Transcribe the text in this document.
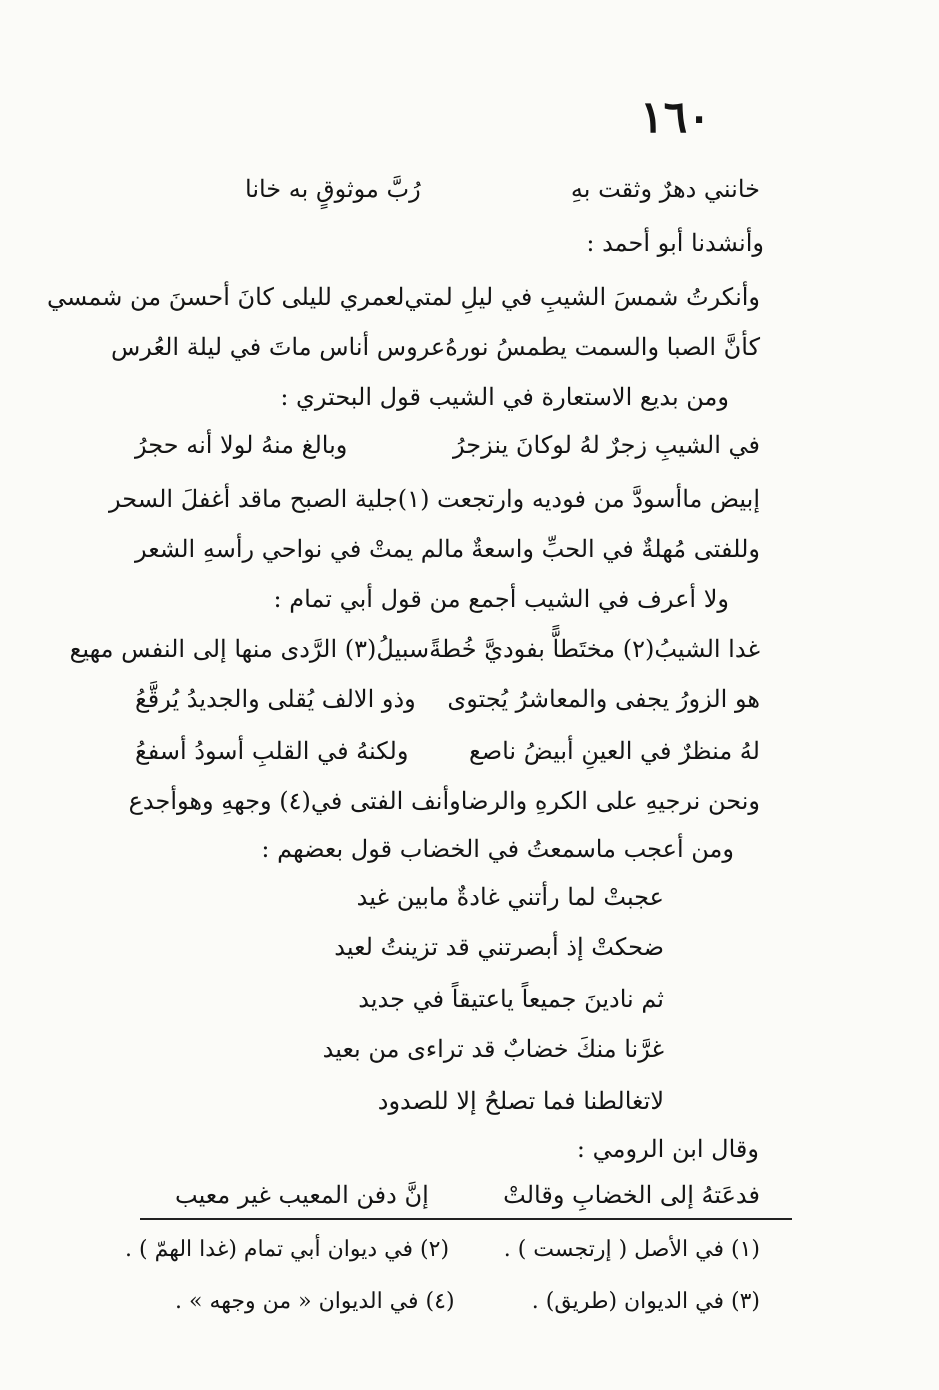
١٦٠
خانني دهرٌ وثقت بهِ
رُبَّ موثوقٍ به خانا
وأنشدنا أبو أحمد :
وأنكرتُ شمسَ الشيبِ في ليلِ لمتي
لعمري لليلى كانَ أحسنَ من شمسي
كأنَّ الصبا والسمت يطمسُ نورهُ
عروس أناس ماتَ في ليلة العُرس
ومن بديع الاستعارة في الشيب قول البحتري :
في الشيبِ زجرٌ لهُ لوكانَ ينزجرُ
وبالغ منهُ لولا أنه حجرُ
إبيض ماأسودَّ من فوديه وارتجعت (١)
جلية الصبح ماقد أغفلَ السحر
وللفتى مُهلةٌ في الحبِّ واسعةٌ
مالم يمتْ في نواحي رأسهِ الشعر
ولا أعرف في الشيب أجمع من قول أبي تمام :
غدا الشيبُ(٢) مختَطاًّ بفوديَّ خُطةً
سبيلُ(٣) الرَّدى منها إلى النفس مهيع
هو الزورُ يجفى والمعاشرُ يُجتوى
وذو الالف يُقلى والجديدُ يُرقَّعُ
لهُ منظرٌ في العينِ أبيضُ ناصع
ولكنهُ في القلبِ أسودُ أسفعُ
ونحن نرجيهِ على الكرهِ والرضا
وأنف الفتى في(٤) وجههِ وهوأجدع
ومن أعجب ماسمعتُ في الخضاب قول بعضهم :
عجبتْ لما رأتني غادةٌ مابين غيد
ضحكتْ إذ أبصرتني قد تزينتُ لعيد
ثم نادينَ جميعاً ياعتيقاً في جديد
غرَّنا منكَ خضابٌ قد تراءى من بعيد
لاتغالطنا فما تصلحُ إلا للصدود
وقال ابن الرومي :
فدعَتهُ إلى الخضابِ وقالتْ
إنَّ دفن المعيب غير معيب
(١) في الأصل ( إرتجست ) .
(٢) في ديوان أبي تمام (غدا الهمّ ) .
(٣) في الديوان (طريق) .
(٤) في الديوان « من وجهه » .
